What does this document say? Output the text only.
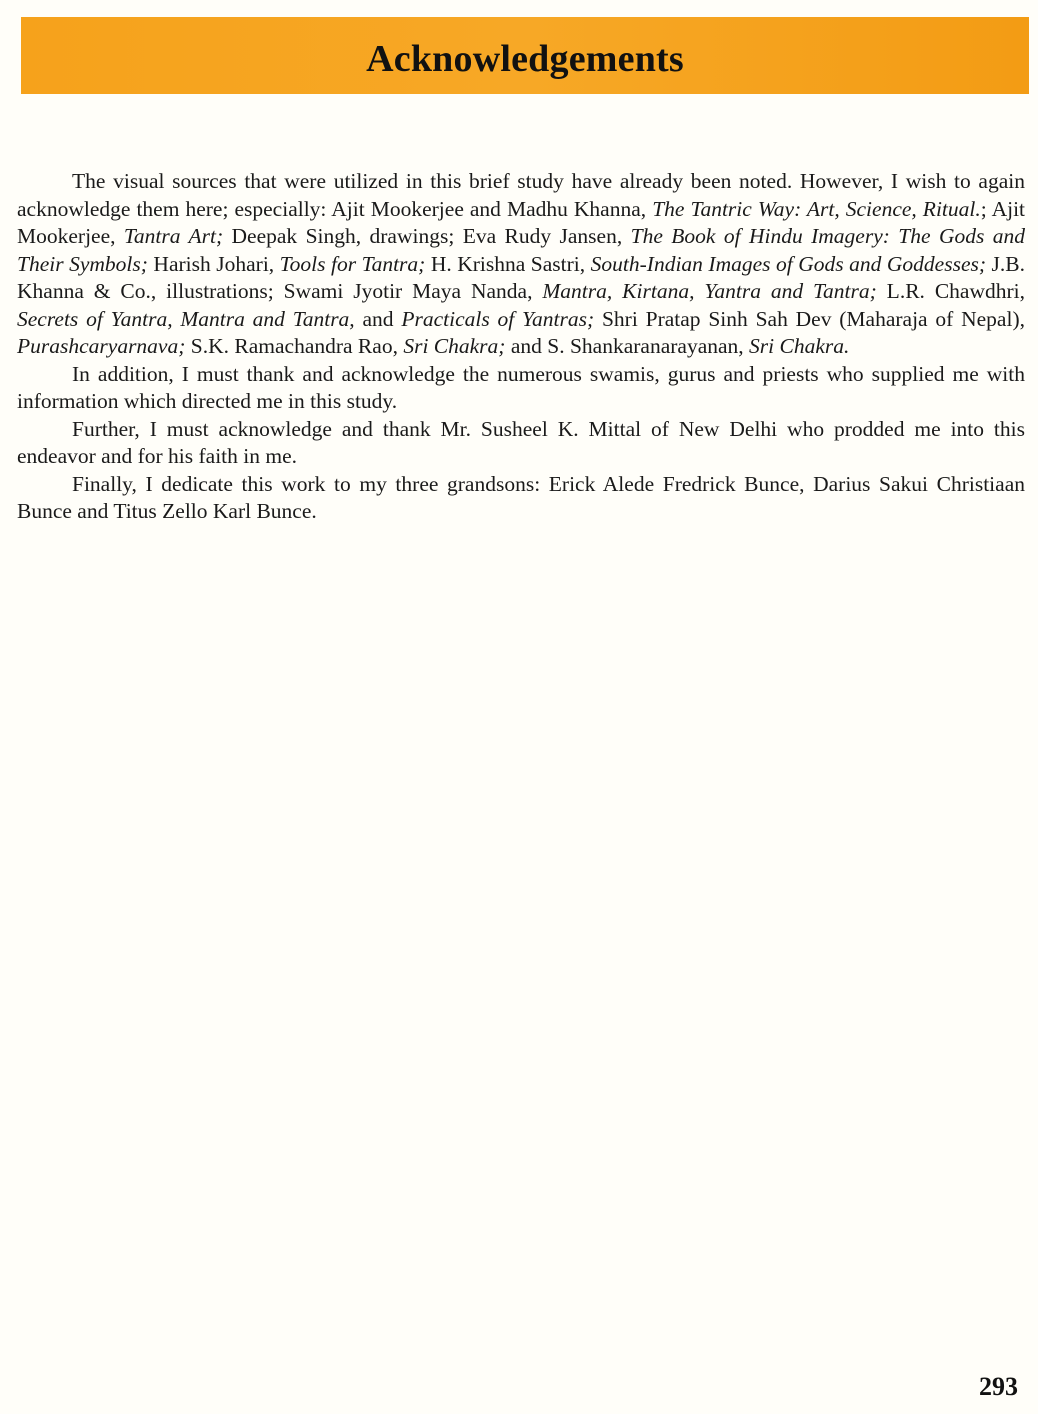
Acknowledgements

The visual sources that were utilized in this brief study have already been noted. However, I wish to again acknowledge them here; especially: Ajit Mookerjee and Madhu Khanna, The Tantric Way: Art, Science, Ritual.; Ajit Mookerjee, Tantra Art; Deepak Singh, drawings; Eva Rudy Jansen, The Book of Hindu Imagery: The Gods and Their Symbols; Harish Johari, Tools for Tantra; H. Krishna Sastri, South-Indian Images of Gods and Goddesses; J.B. Khanna & Co., illustrations; Swami Jyotir Maya Nanda, Mantra, Kirtana, Yantra and Tantra; L.R. Chawdhri, Secrets of Yantra, Mantra and Tantra, and Practicals of Yantras; Shri Pratap Sinh Sah Dev (Maharaja of Nepal), Purashcaryarnava; S.K. Ramachandra Rao, Sri Chakra; and S. Shankaranarayanan, Sri Chakra.

In addition, I must thank and acknowledge the numerous swamis, gurus and priests who supplied me with information which directed me in this study.

Further, I must acknowledge and thank Mr. Susheel K. Mittal of New Delhi who prodded me into this endeavor and for his faith in me.

Finally, I dedicate this work to my three grandsons: Erick Alede Fredrick Bunce, Darius Sakui Christiaan Bunce and Titus Zello Karl Bunce.

293
